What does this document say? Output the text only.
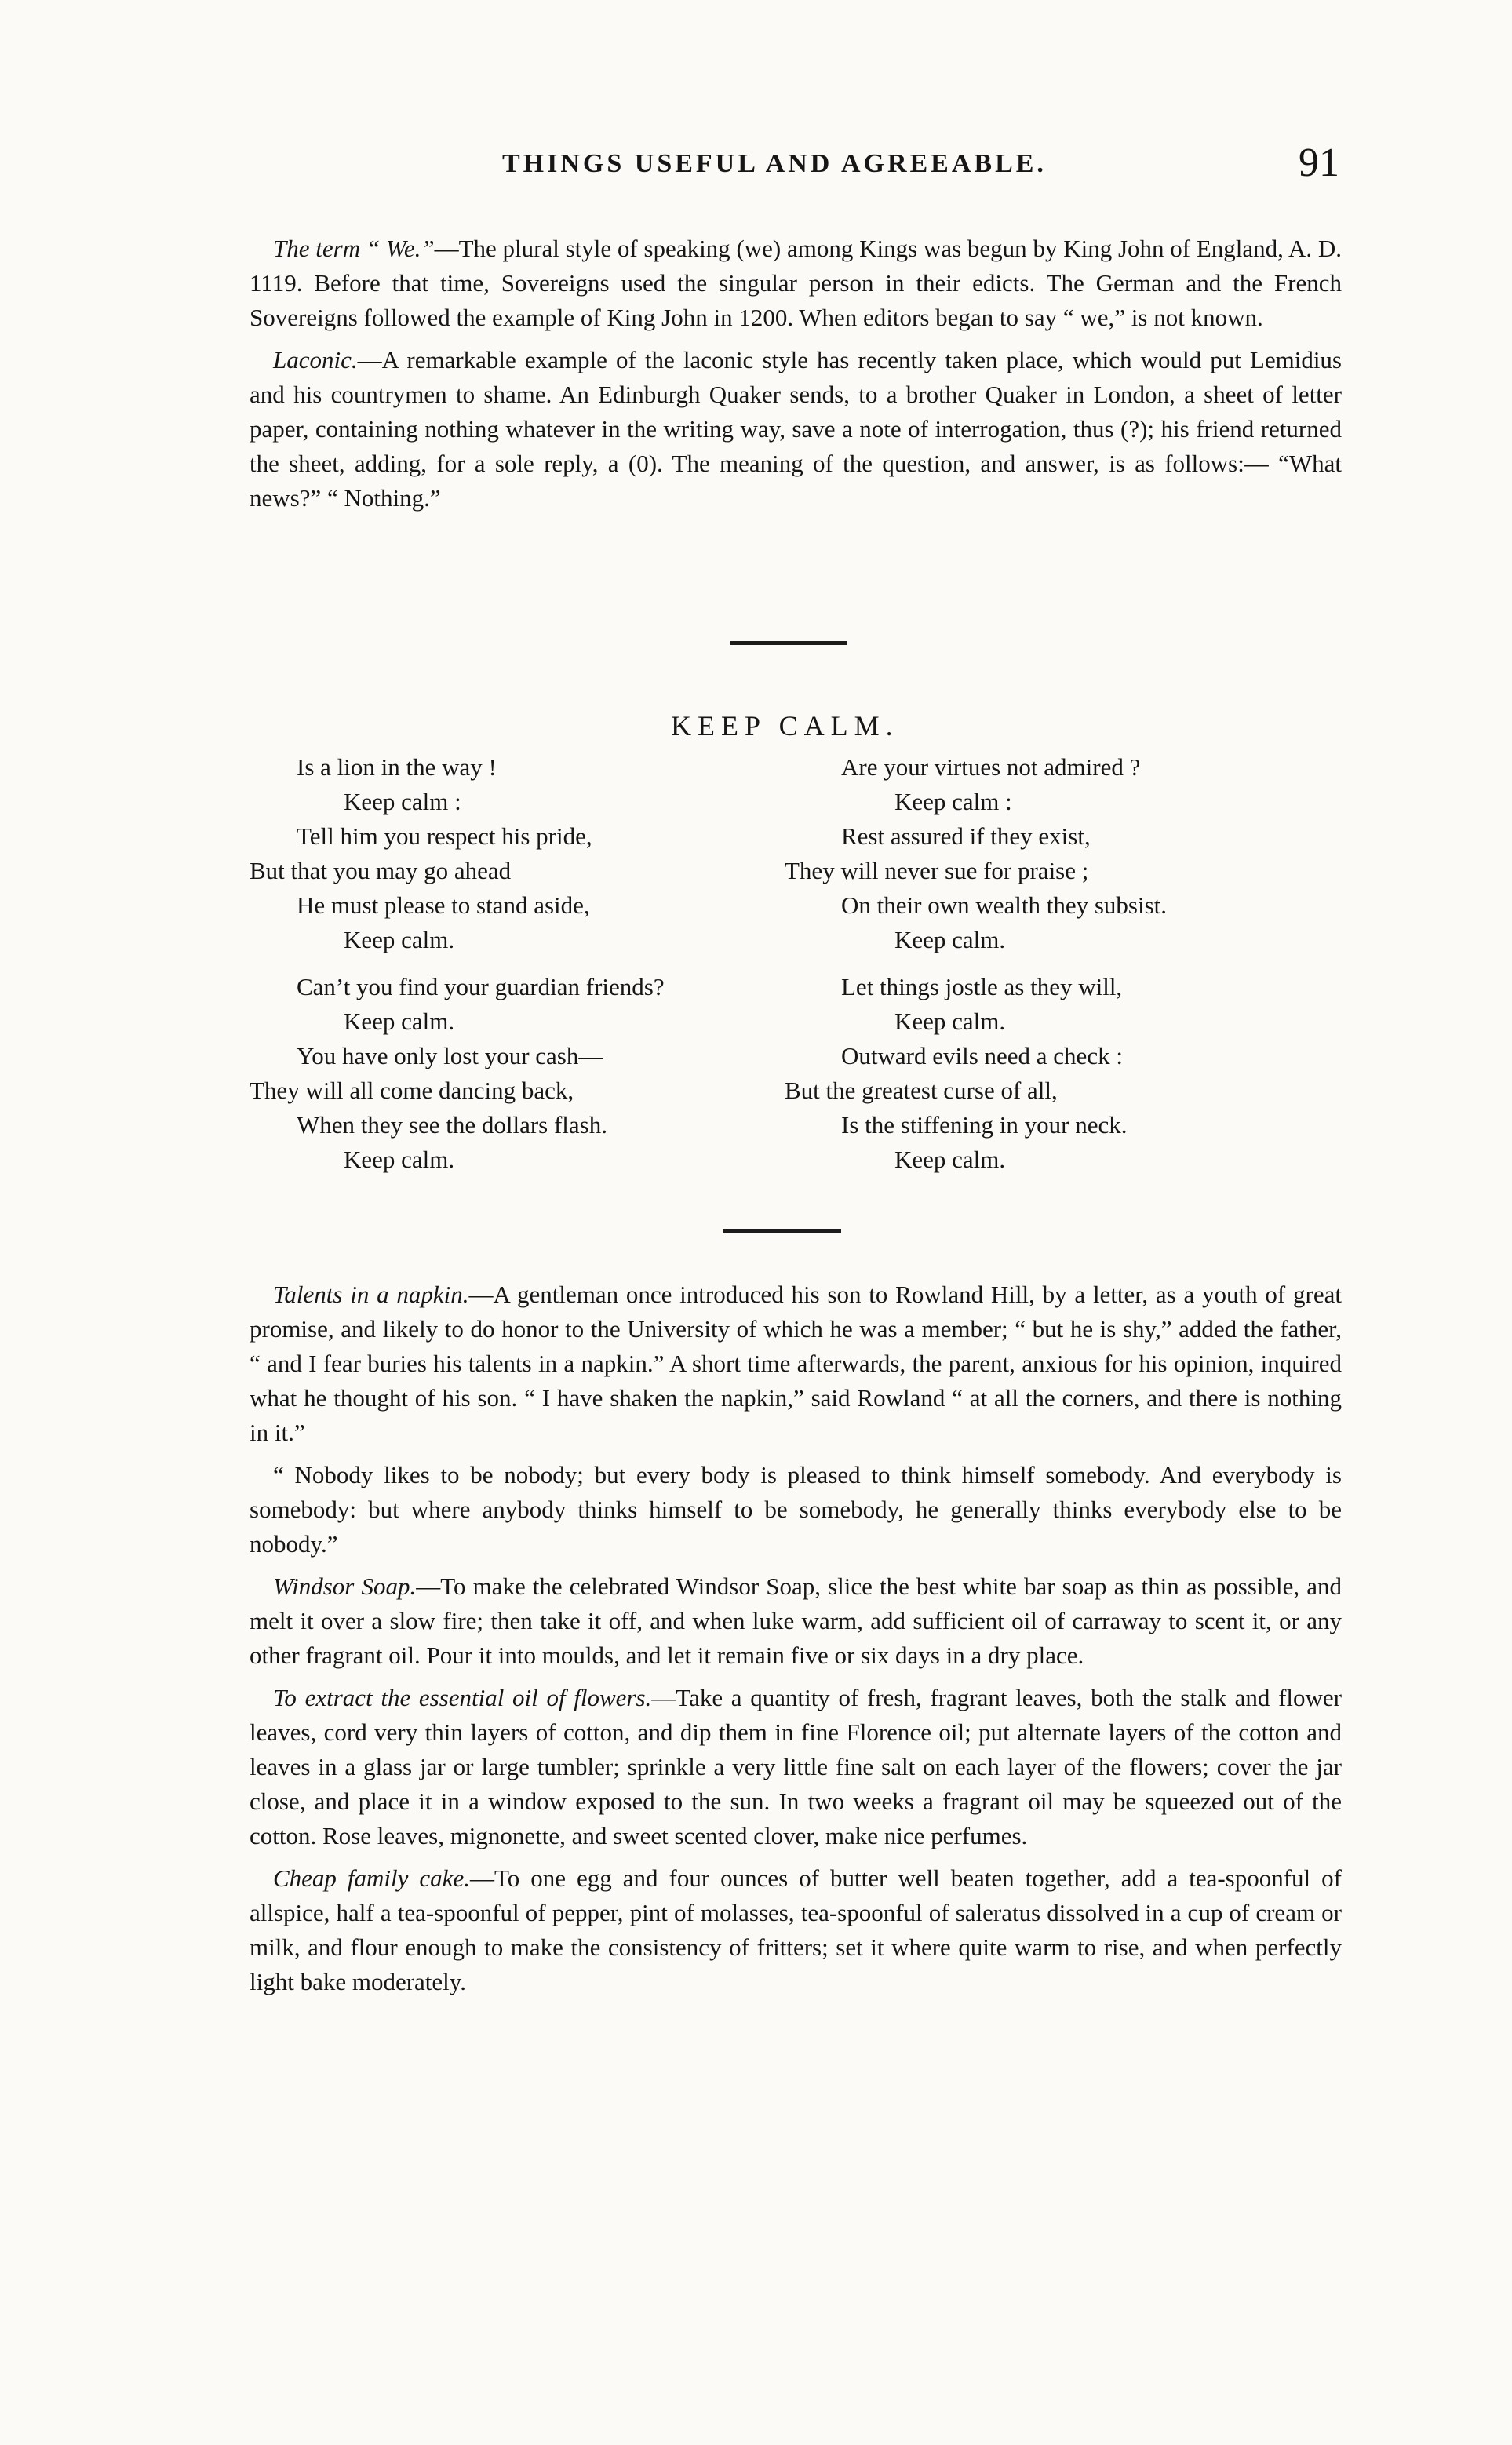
THINGS USEFUL AND AGREEABLE.	91

The term “ We.”—The plural style of speaking (we) among Kings was begun by King John of England, A. D. 1119. Before that time, Sovereigns used the singular person in their edicts. The German and the French Sovereigns followed the example of King John in 1200. When editors began to say “ we,” is not known.

Laconic.—A remarkable example of the laconic style has recently taken place, which would put Lemidius and his countrymen to shame. An Edinburgh Quaker sends, to a brother Quaker in London, a sheet of letter paper, containing nothing whatever in the writing way, save a note of interrogation, thus (?); his friend returned the sheet, adding, for a sole reply, a (0). The meaning of the question, and answer, is as follows:— “What news?” “ Nothing.”

KEEP CALM.
Is a lion in the way !
Keep calm :
Tell him you respect his pride,
But that you may go ahead
He must please to stand aside,
Keep calm.
Can’t you find your guardian friends?
Keep calm.
You have only lost your cash—
They will all come dancing back,
When they see the dollars flash.
Keep calm.
Are your virtues not admired ?
Keep calm :
Rest assured if they exist,
They will never sue for praise ;
On their own wealth they subsist.
Keep calm.
Let things jostle as they will,
Keep calm.
Outward evils need a check :
But the greatest curse of all,
Is the stiffening in your neck.
Keep calm.

Talents in a napkin.—A gentleman once introduced his son to Rowland Hill, by a letter, as a youth of great promise, and likely to do honor to the University of which he was a member; “ but he is shy,” added the father, “ and I fear buries his talents in a napkin.” A short time afterwards, the parent, anxious for his opinion, inquired what he thought of his son. “ I have shaken the napkin,” said Rowland “ at all the corners, and there is nothing in it.”

“ Nobody likes to be nobody; but every body is pleased to think himself somebody. And everybody is somebody: but where anybody thinks himself to be somebody, he generally thinks everybody else to be nobody.”

Windsor Soap.—To make the celebrated Windsor Soap, slice the best white bar soap as thin as possible, and melt it over a slow fire; then take it off, and when luke warm, add sufficient oil of carraway to scent it, or any other fragrant oil. Pour it into moulds, and let it remain five or six days in a dry place.

To extract the essential oil of flowers.—Take a quantity of fresh, fragrant leaves, both the stalk and flower leaves, cord very thin layers of cotton, and dip them in fine Florence oil; put alternate layers of the cotton and leaves in a glass jar or large tumbler; sprinkle a very little fine salt on each layer of the flowers; cover the jar close, and place it in a window exposed to the sun. In two weeks a fragrant oil may be squeezed out of the cotton. Rose leaves, mignonette, and sweet scented clover, make nice perfumes.

Cheap family cake.—To one egg and four ounces of butter well beaten together, add a tea-spoonful of allspice, half a tea-spoonful of pepper, pint of molasses, tea-spoonful of saleratus dissolved in a cup of cream or milk, and flour enough to make the consistency of fritters; set it where quite warm to rise, and when perfectly light bake moderately.
